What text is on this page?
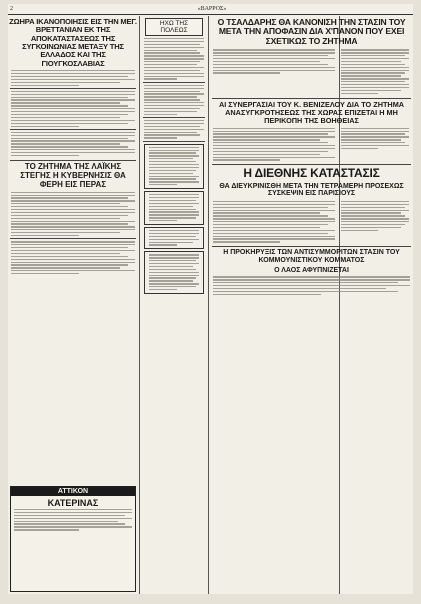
2	«ΒΑΡΡΟΣ»
ΖΩΗΡΑ ΙΚΑΝΟΠΟΙΗΣΙΣ ΕΙΣ ΤΗΝ ΜΕΓ. ΒΡΕΤΤΑΝΙΑΝ ΕΚ ΤΗΣ ΑΠΟΚΑΤΑΣΤΑΣΕΩΣ ΤΗΣ ΣΥΓΚΟΙΝΩΝΙΑΣ ΜΕΤΑΞΥ ΤΗΣ ΕΛΛΑΔΟΣ ΚΑΙ ΤΗΣ ΓΙΟΥΓΚΟΣΛΑΒΙΑΣ
ΤΟ ΖΗΤΗΜΑ ΤΗΣ ΛΑΪΚΗΣ ΣΤΕΓΗΣ Η ΚΥΒΕΡΝΗΣΙΣ ΘΑ ΦΕΡΗ ΕΙΣ ΠΕΡΑΣ
ΑΤΤΙΚΟΝ
ΚΑΤΕΡΙΝΑΣ
ΗΧΩ ΤΗΣ ΠΟΛΕΩΣ
Ο ΤΣΑΛΔΑΡΗΣ ΘΑ ΚΑΝΟΝΙΣΗ ΤΗΝ ΣΤΑΣΙΝ ΤΟΥ ΜΕΤΑ ΤΗΝ ΑΠΟΦΑΣΙΝ ΔΙΑ Χ'ΠΑΝΟΝ ΠΟΥ ΕΧΕΙ ΣΧΕΤΙΚΩΣ ΤΟ ΖΗΤΗΜΑ
ΑΙ ΣΥΝΕΡΓΑΣΙΑΙ ΤΟΥ Κ. ΒΕΝΙΖΕΛΟΥ ΔΙΑ ΤΟ ΖΗΤΗΜΑ ΑΝΑΣΥΓΚΡΟΤΗΣΕΩΣ ΤΗΣ ΧΩΡΑΣ ΕΠΙΖΕΤΑΙ Η ΜΗ ΠΕΡΙΚΟΠΗ ΤΗΣ ΒΟΗΘΕΙΑΣ
Η ΔΙΕΘΝΗΣ ΚΑΤΑΣΤΑΣΙΣ
ΘΑ ΔΙΕΥΚΡΙΝΙΣΘΗ ΜΕΤΑ ΤΗΝ ΤΕΤΡΑΜΕΡΗ ΠΡΟΣΕΧΩΣ ΣΥΣΚΕΨΙΝ ΕΙΣ ΠΑΡΙΣΙΟΥΣ
Η ΠΡΟΚΗΡΥΞΙΣ ΤΩΝ ΑΝΤΙΣΥΜΜΟΡΙΤΩΝ ΣΤΑΣΙΝ ΤΟΥ ΚΟΜΜΟΥΝΙΣΤΙΚΟΥ ΚΟΜΜΑΤΟΣ
Ο ΛΑΟΣ ΑΦΥΠΝΙΖΕΤΑΙ
